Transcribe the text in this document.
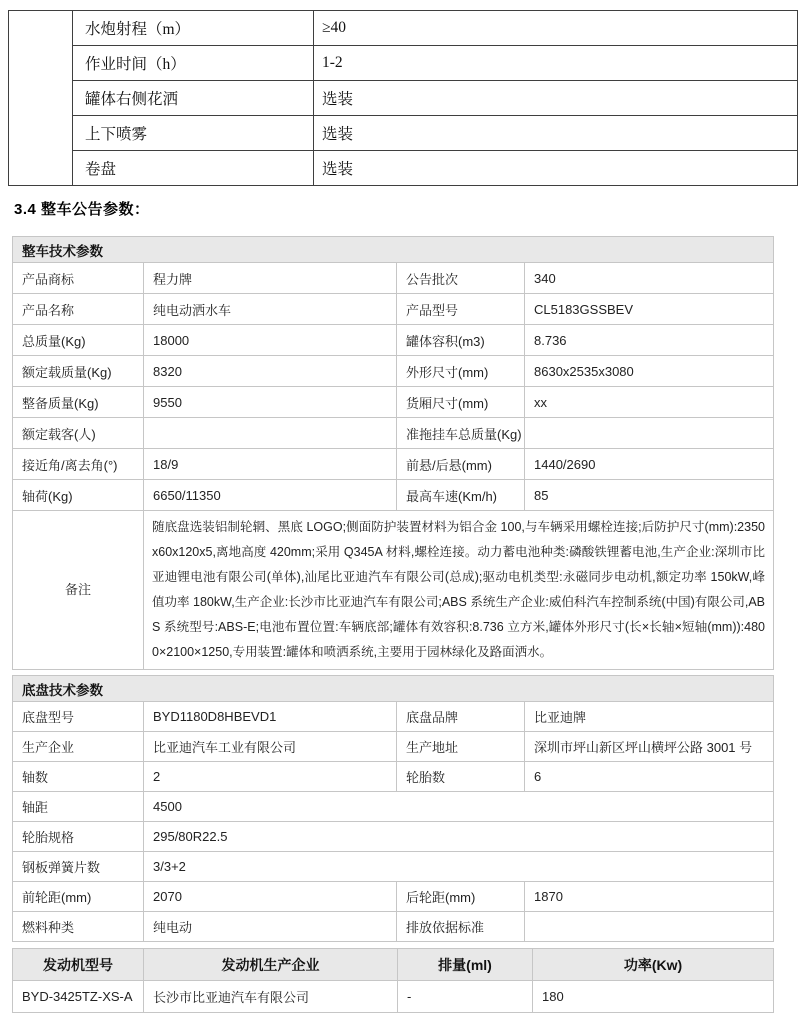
	水炮射程（m）	≥40
	作业时间（h）	1-2
	罐体右侧花洒	选装
	上下喷雾	选装
	卷盘	选装
3.4 整车公告参数：
整车技术参数			
产品商标	程力牌	公告批次	340
产品名称	纯电动洒水车	产品型号	CL5183GSSBEV
总质量(Kg)	18000	罐体容积(m3)	8.736
额定载质量(Kg)	8320	外形尺寸(mm)	8630x2535x3080
整备质量(Kg)	9550	货厢尺寸(mm)	xx
额定载客(人)		准拖挂车总质量(Kg)	
接近角/离去角(°)	18/9	前悬/后悬(mm)	1440/2690
轴荷(Kg)	6650/11350	最高车速(Km/h)	85
备注	随底盘选装铝制轮辋、黑底 LOGO;侧面防护装置材料为铝合金 100,与车辆采用螺栓连接;后防护尺寸(mm):2350x60x120x5,离地高度 420mm;采用 Q345A 材料,螺栓连接。动力蓄电池种类:磷酸铁锂蓄电池,生产企业:深圳市比亚迪锂电池有限公司(单体),汕尾比亚迪汽车有限公司(总成);驱动电机类型:永磁同步电动机,额定功率 150kW,峰值功率 180kW,生产企业:长沙市比亚迪汽车有限公司;ABS 系统生产企业:威伯科汽车控制系统(中国)有限公司,ABS 系统型号:ABS-E;电池布置位置:车辆底部;罐体有效容积:8.736 立方米,罐体外形尺寸(长×长轴×短轴(mm)):4800×2100×1250,专用装置:罐体和喷洒系统,主要用于园林绿化及路面洒水。		
底盘技术参数			
底盘型号	BYD1180D8HBEVD1	底盘品牌	比亚迪牌
生产企业	比亚迪汽车工业有限公司	生产地址	深圳市坪山新区坪山横坪公路 3001 号
轴数	2	轮胎数	6
轴距	4500		
轮胎规格	295/80R22.5		
钢板弹簧片数	3/3+2		
前轮距(mm)	2070	后轮距(mm)	1870
燃料种类	纯电动	排放依据标准	
发动机型号	发动机生产企业	排量(ml)	功率(Kw)
BYD-3425TZ-XS-A	长沙市比亚迪汽车有限公司	-	180
